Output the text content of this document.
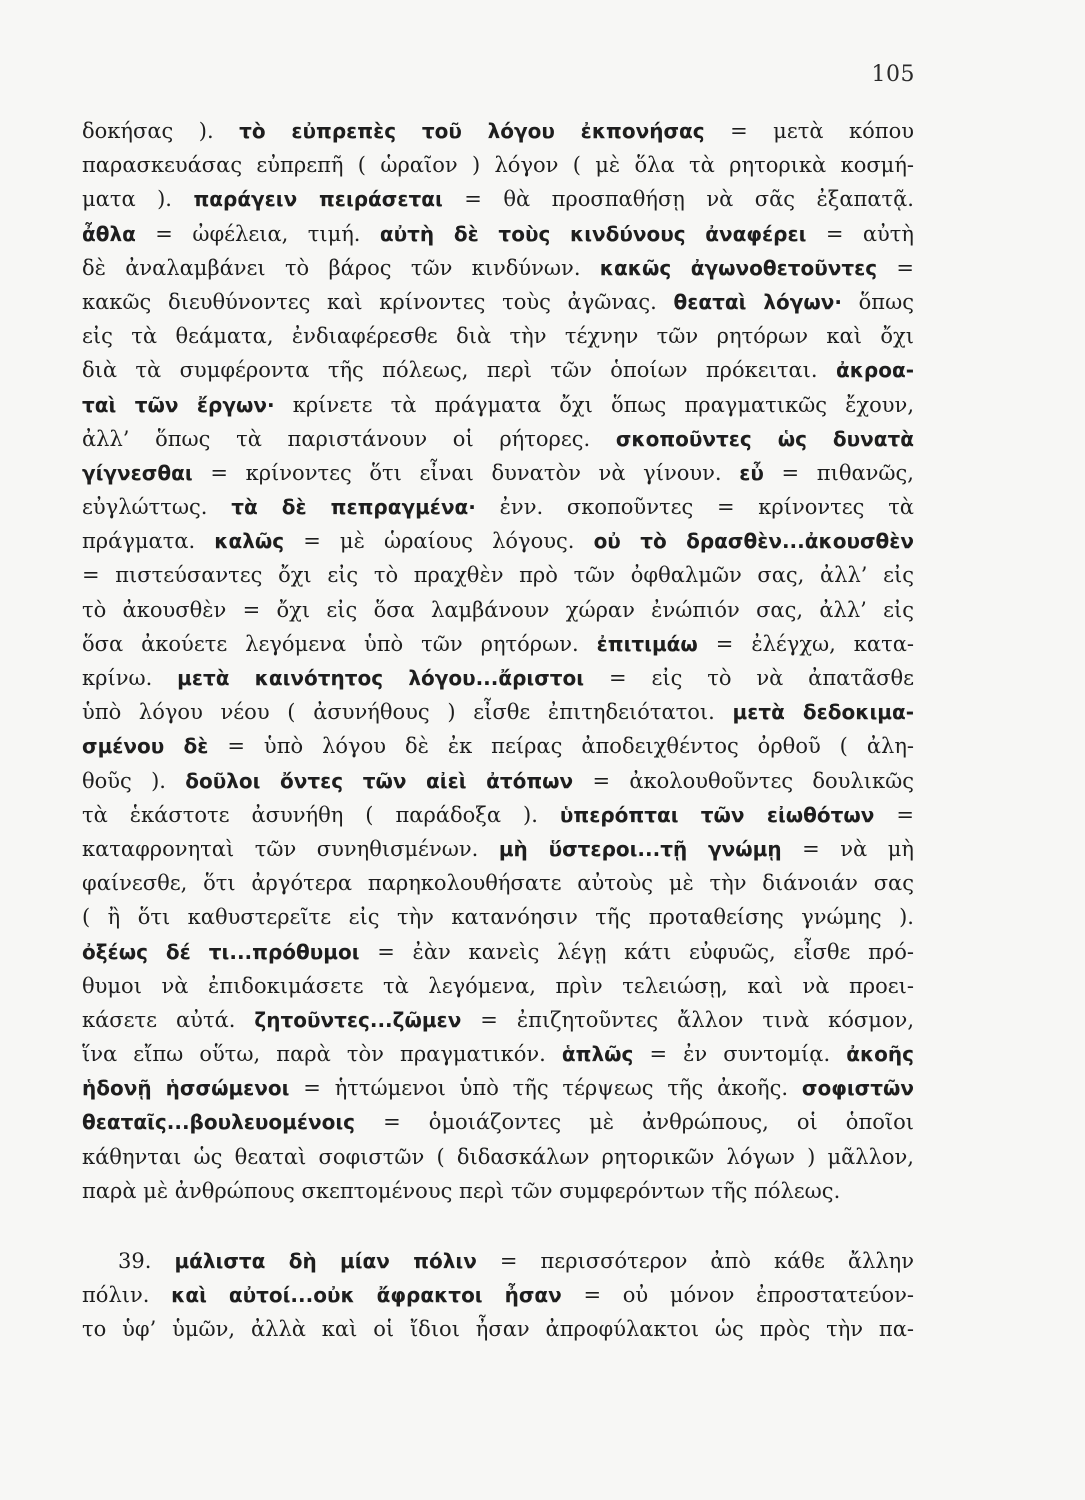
105
δοκήσας ). τὸ εὐπρεπὲς τοῦ λόγου ἐκπονήσας = μετὰ κόπου
παρασκευάσας εὐπρεπῆ ( ὡραῖον ) λόγον ( μὲ ὅλα τὰ ρητορικὰ κοσμή-
ματα ). παράγειν πειράσεται = θὰ προσπαθήσῃ νὰ σᾶς ἐξαπατᾷ.
ἆθλα = ὠφέλεια, τιμή. αὐτὴ δὲ τοὺς κινδύνους ἀναφέρει = αὐτὴ
δὲ ἀναλαμβάνει τὸ βάρος τῶν κινδύνων. κακῶς ἀγωνοθετοῦντες =
κακῶς διευθύνοντες καὶ κρίνοντες τοὺς ἀγῶνας. θεαταὶ λόγων· ὅπως
εἰς τὰ θεάματα, ἐνδιαφέρεσθε διὰ τὴν τέχνην τῶν ρητόρων καὶ ὄχι
διὰ τὰ συμφέροντα τῆς πόλεως, περὶ τῶν ὁποίων πρόκειται. ἀκροα-
ταὶ τῶν ἔργων· κρίνετε τὰ πράγματα ὄχι ὅπως πραγματικῶς ἔχουν,
ἀλλ’ ὅπως τὰ παριστάνουν οἱ ρήτορες. σκοποῦντες ὡς δυνατὰ
γίγνεσθαι = κρίνοντες ὅτι εἶναι δυνατὸν νὰ γίνουν. εὖ = πιθανῶς,
εὐγλώττως. τὰ δὲ πεπραγμένα· ἐνν. σκοποῦντες = κρίνοντες τὰ
πράγματα. καλῶς = μὲ ὡραίους λόγους. οὐ τὸ δρασθὲν...ἀκουσθὲν
= πιστεύσαντες ὄχι εἰς τὸ πραχθὲν πρὸ τῶν ὀφθαλμῶν σας, ἀλλ’ εἰς
τὸ ἀκουσθὲν = ὄχι εἰς ὅσα λαμβάνουν χώραν ἐνώπιόν σας, ἀλλ’ εἰς
ὅσα ἀκούετε λεγόμενα ὑπὸ τῶν ρητόρων. ἐπιτιμάω = ἐλέγχω, κατα-
κρίνω. μετὰ καινότητος λόγου...ἄριστοι = εἰς τὸ νὰ ἀπατᾶσθε
ὑπὸ λόγου νέου ( ἀσυνήθους ) εἶσθε ἐπιτηδειότατοι. μετὰ δεδοκιμα-
σμένου δὲ = ὑπὸ λόγου δὲ ἐκ πείρας ἀποδειχθέντος ὀρθοῦ ( ἀλη-
θοῦς ). δοῦλοι ὄντες τῶν αἰεὶ ἀτόπων = ἀκολουθοῦντες δουλικῶς
τὰ ἑκάστοτε ἀσυνήθη ( παράδοξα ). ὑπερόπται τῶν εἰωθότων =
καταφρονηταὶ τῶν συνηθισμένων. μὴ ὕστεροι...τῇ γνώμῃ = νὰ μὴ
φαίνεσθε, ὅτι ἀργότερα παρηκολουθήσατε αὐτοὺς μὲ τὴν διάνοιάν σας
( ἢ ὅτι καθυστερεῖτε εἰς τὴν κατανόησιν τῆς προταθείσης γνώμης ).
ὀξέως δέ τι...πρόθυμοι = ἐὰν κανεὶς λέγῃ κάτι εὐφυῶς, εἶσθε πρό-
θυμοι νὰ ἐπιδοκιμάσετε τὰ λεγόμενα, πρὶν τελειώσῃ, καὶ νὰ προει-
κάσετε αὐτά. ζητοῦντες...ζῶμεν = ἐπιζητοῦντες ἄλλον τινὰ κόσμον,
ἵνα εἴπω οὕτω, παρὰ τὸν πραγματικόν. ἁπλῶς = ἐν συντομίᾳ. ἀκοῆς
ἡδονῇ ἡσσώμενοι = ἡττώμενοι ὑπὸ τῆς τέρψεως τῆς ἀκοῆς. σοφιστῶν
θεαταῖς...βουλευομένοις = ὁμοιάζοντες μὲ ἀνθρώπους, οἱ ὁποῖοι
κάθηνται ὡς θεαταὶ σοφιστῶν ( διδασκάλων ρητορικῶν λόγων ) μᾶλλον,
παρὰ μὲ ἀνθρώπους σκεπτομένους περὶ τῶν συμφερόντων τῆς πόλεως.
39. μάλιστα δὴ μίαν πόλιν = περισσότερον ἀπὸ κάθε ἄλλην
πόλιν. καὶ αὐτοί...οὐκ ἄφρακτοι ἦσαν = οὐ μόνον ἐπροστατεύον-
το ὑφ’ ὑμῶν, ἀλλὰ καὶ οἱ ἴδιοι ἦσαν ἀπροφύλακτοι ὡς πρὸς τὴν πα-
